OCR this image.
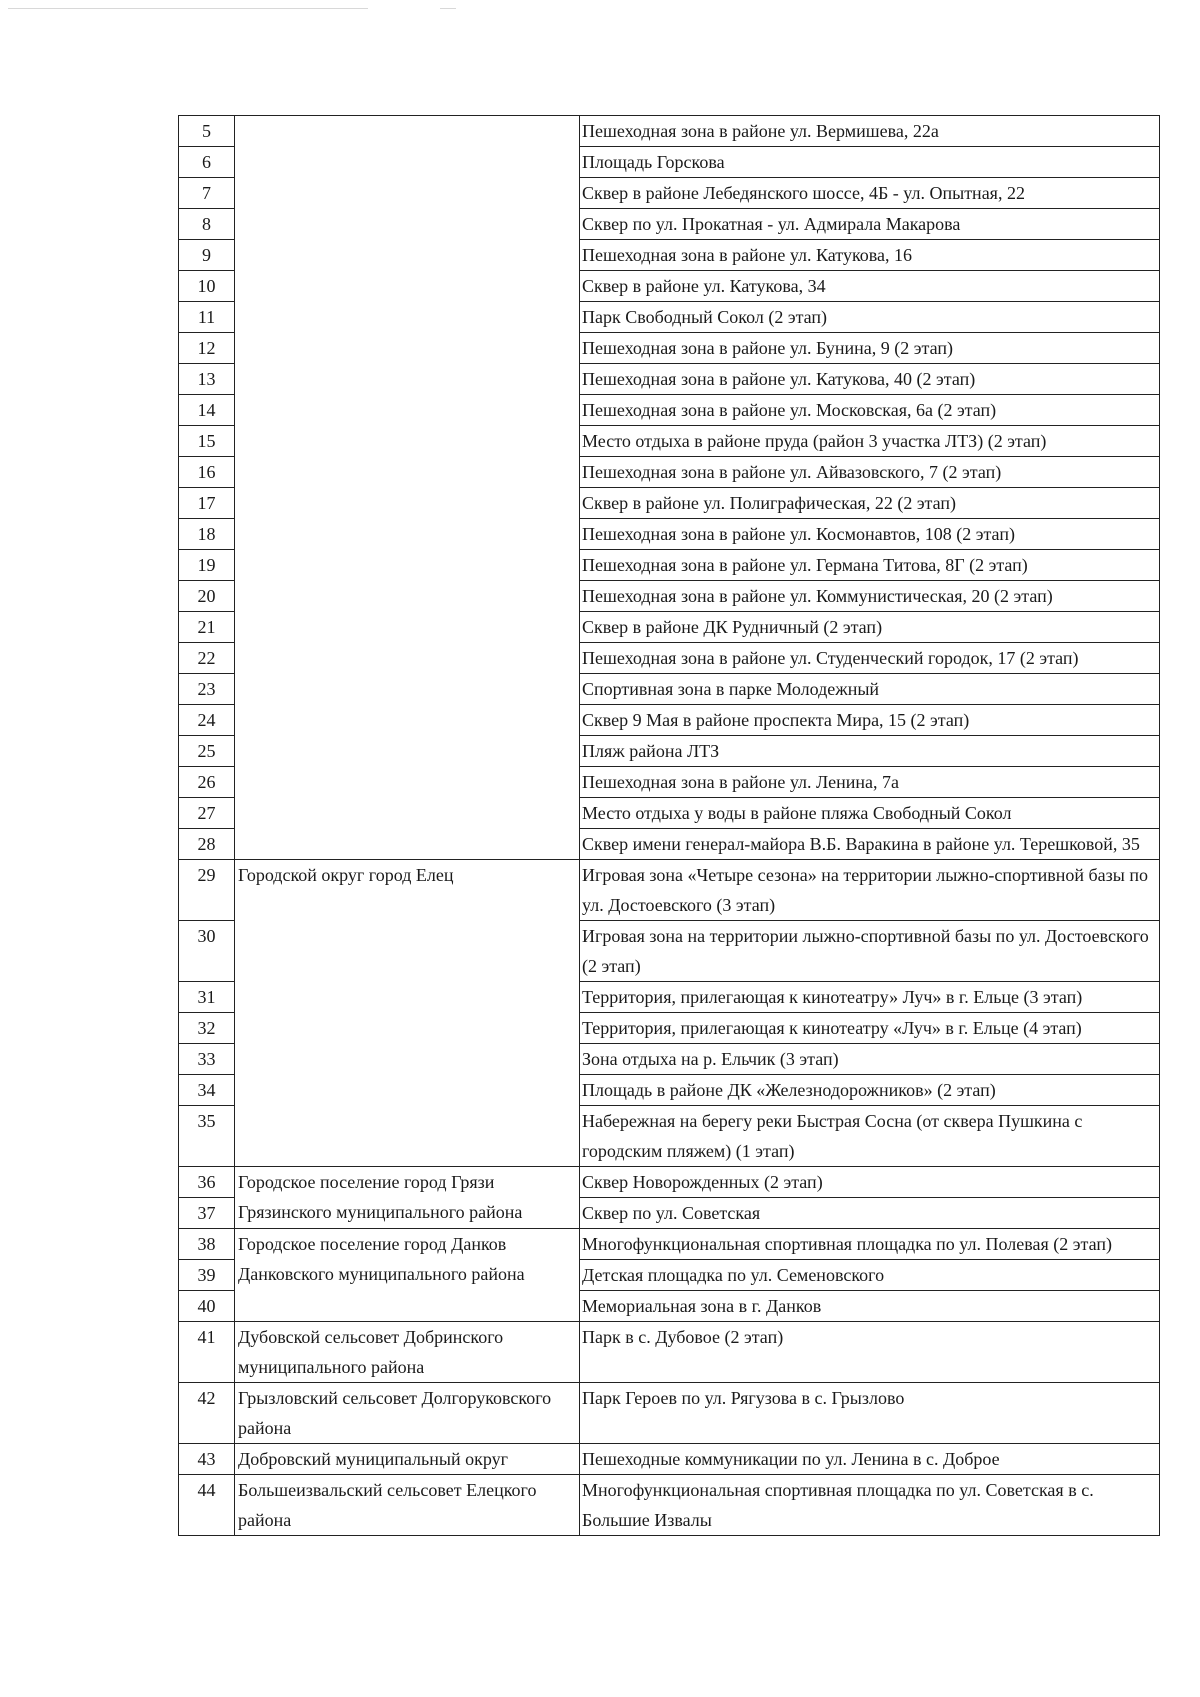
5		Пешеходная зона в районе ул. Вермишева, 22а
6		Площадь Горскова
7		Сквер в районе Лебедянского шоссе, 4Б - ул. Опытная, 22
8		Сквер по ул. Прокатная - ул. Адмирала Макарова
9		Пешеходная зона в районе ул. Катукова, 16
10		Сквер в районе ул. Катукова, 34
11		Парк Свободный Сокол (2 этап)
12		Пешеходная зона в районе ул. Бунина, 9 (2 этап)
13		Пешеходная зона в районе ул. Катукова, 40 (2 этап)
14		Пешеходная зона в районе ул. Московская, 6а (2 этап)
15		Место отдыха в районе пруда (район 3 участка ЛТЗ) (2 этап)
16		Пешеходная зона в районе ул. Айвазовского, 7 (2 этап)
17		Сквер в районе ул. Полиграфическая, 22 (2 этап)
18		Пешеходная зона в районе ул. Космонавтов, 108 (2 этап)
19		Пешеходная зона в районе ул. Германа Титова, 8Г (2 этап)
20		Пешеходная зона в районе ул. Коммунистическая, 20 (2 этап)
21		Сквер в районе ДК Рудничный (2 этап)
22		Пешеходная зона в районе ул. Студенческий городок, 17 (2 этап)
23		Спортивная зона в парке Молодежный
24		Сквер 9 Мая в районе проспекта Мира, 15 (2 этап)
25		Пляж района ЛТЗ
26		Пешеходная зона в районе ул. Ленина, 7а
27		Место отдыха у воды в районе пляжа Свободный Сокол
28		Сквер имени генерал-майора В.Б. Варакина в районе ул. Терешковой, 35
29	Городской округ город Елец	Игровая зона «Четыре сезона» на территории лыжно-спортивной базы по ул. Достоевского (3 этап)
30		Игровая зона на территории лыжно-спортивной базы по ул. Достоевского (2 этап)
31		Территория, прилегающая к кинотеатру» Луч» в г. Ельце (3 этап)
32		Территория, прилегающая к кинотеатру «Луч» в г. Ельце (4 этап)
33		Зона отдыха на р. Ельчик (3 этап)
34		Площадь в районе ДК «Железнодорожников» (2 этап)
35		Набережная на берегу реки Быстрая Сосна (от сквера Пушкина с городским пляжем) (1 этап)
36	Городское поселение город Грязи Грязинского муниципального района	Сквер Новорожденных (2 этап)
37		Сквер по ул. Советская
38	Городское поселение город Данков Данковского муниципального района	Многофункциональная спортивная площадка по ул. Полевая (2 этап)
39		Детская площадка по ул. Семеновского
40		Мемориальная зона в г. Данков
41	Дубовской сельсовет Добринского муниципального района	Парк в с. Дубовое (2 этап)
42	Грызловский сельсовет Долгоруковского района	Парк Героев по ул. Рягузова в с. Грызлово
43	Добровский муниципальный округ	Пешеходные коммуникации по ул. Ленина в с. Доброе
44	Большеизвальский сельсовет Елецкого района	Многофункциональная спортивная площадка по ул. Советская в с. Большие Извалы
